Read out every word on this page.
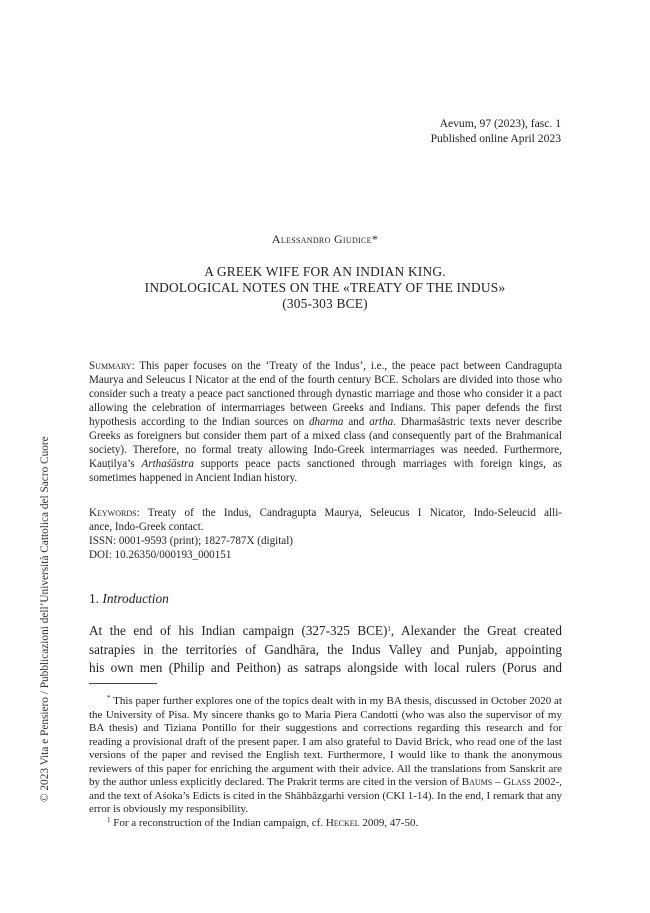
© 2023 Vita e Pensiero / Pubblicazioni dell’Università Cattolica del Sacro Cuore
Aevum, 97 (2023), fasc. 1
Published online April 2023
Alessandro Giudice*
A GREEK WIFE FOR AN INDIAN KING.
INDOLOGICAL NOTES ON THE «TREATY OF THE INDUS»
(305-303 BCE)
Summary: This paper focuses on the ‘Treaty of the Indus’, i.e., the peace pact between Candragupta Maurya and Seleucus I Nicator at the end of the fourth century BCE. Scholars are divided into those who consider such a treaty a peace pact sanctioned through dynastic marriage and those who consider it a pact allowing the celebration of intermarriages between Greeks and Indians. This paper defends the first hypothesis according to the Indian sources on dharma and artha. Dharmaśāstric texts never describe Greeks as foreigners but consider them part of a mixed class (and consequently part of the Brahmanical society). Therefore, no formal treaty allowing Indo-Greek intermarriages was needed. Furthermore, Kauṭilya’s Arthaśāstra supports peace pacts sanctioned through marriages with foreign kings, as sometimes happened in Ancient Indian history.
Keywords: Treaty of the Indus, Candragupta Maurya, Seleucus I Nicator, Indo-Seleucid alli-
ance, Indo-Greek contact.
ISSN: 0001-9593 (print); 1827-787X (digital)
DOI: 10.26350/000193_000151
1. Introduction
At the end of his Indian campaign (327-325 BCE)$^1$, Alexander the Great created
satrapies in the territories of Gandhāra, the Indus Valley and Punjab, appointing
his own men (Philip and Peithon) as satraps alongside with local rulers (Porus and

* This paper further explores one of the topics dealt with in my BA thesis, discussed in October 2020 at the University of Pisa. My sincere thanks go to Maria Piera Candotti (who was also the supervisor of my BA thesis) and Tiziana Pontillo for their suggestions and corrections regarding this research and for reading a provisional draft of the present paper. I am also grateful to David Brick, who read one of the last versions of the paper and revised the English text. Furthermore, I would like to thank the anonymous reviewers of this paper for enriching the argument with their advice. All the translations from Sanskrit are by the author unless explicitly declared. The Prakrit terms are cited in the version of Baums – Glass 2002-, and the text of Aśoka’s Edicts is cited in the Shāhbāzgarhi version (CKI 1-14). In the end, I remark that any error is obviously my responsibility.

$^1$ For a reconstruction of the Indian campaign, cf. Heckel 2009, 47-50.
